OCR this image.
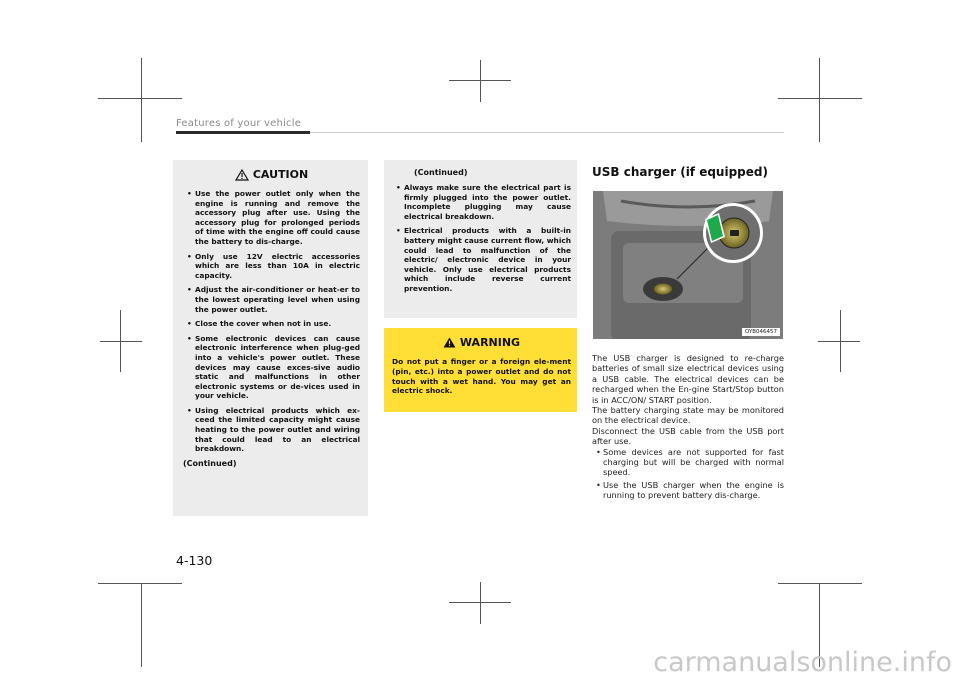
Features of your vehicle
CAUTION
• Use the power outlet only when the engine is running and remove the accessory plug after use. Using the accessory plug for prolonged periods of time with the engine off could cause the battery to dis-charge.
• Only use 12V electric accessories which are less than 10A in electric capacity.
• Adjust the air-conditioner or heat-er to the lowest operating level when using the power outlet.
• Close the cover when not in use.
• Some electronic devices can cause electronic interference when plug-ged into a vehicle's power outlet. These devices may cause exces-sive audio static and malfunctions in other electronic systems or de-vices used in your vehicle.
• Using electrical products which ex-ceed the limited capacity might cause heating to the power outlet and wiring that could lead to an electrical breakdown.
(Continued)
(Continued)
• Always make sure the electrical part is firmly plugged into the power outlet. Incomplete plugging may cause electrical breakdown.
• Electrical products with a built-in battery might cause current flow, which could lead to malfunction of the electric/ electronic device in your vehicle. Only use electrical products which include reverse current prevention.
WARNING
Do not put a finger or a foreign ele-ment (pin, etc.) into a power outlet and do not touch with a wet hand. You may get an electric shock.
USB charger (if equipped)
OYB046457

The USB charger is designed to re-charge batteries of small size electrical devices using a USB cable. The electrical devices can be recharged when the En-gine Start/Stop button is in ACC/ON/ START position.

The battery charging state may be monitored on the electrical device.

Disconnect the USB cable from the USB port after use.

• Some devices are not supported for fast charging but will be charged with normal speed.
• Use the USB charger when the engine is running to prevent battery dis-charge.
4-130
carmanualsonline.info
